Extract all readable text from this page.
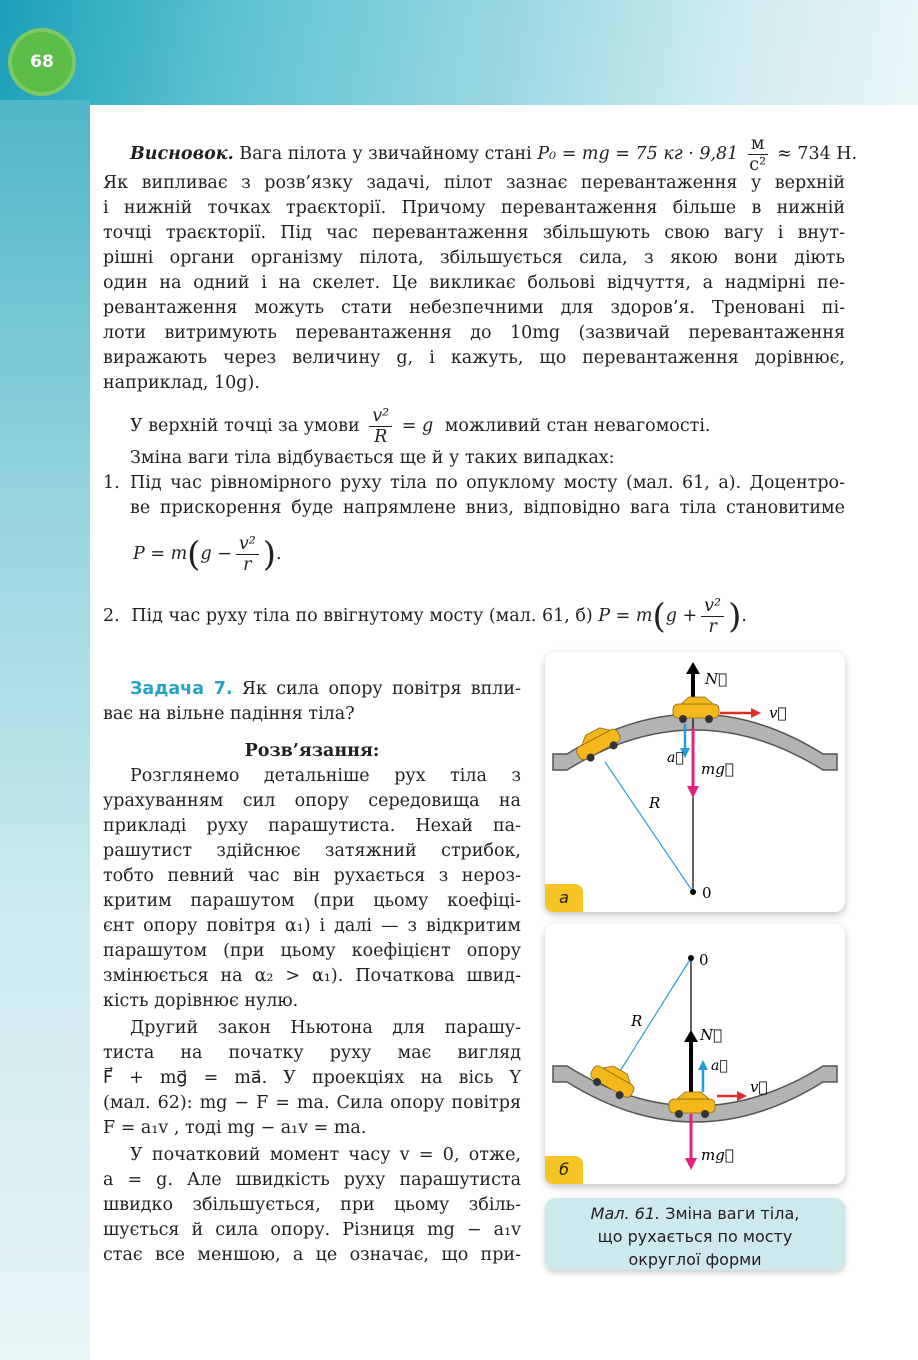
68
Висновок. Вага пілота у звичайному стані P₀ = mg = 75 кг · $9,81 \frac{м}{\text{с²}} \approx 734$ Н.
Як випливає з розв’язку задачі, пілот зазнає перевантаження у верхній
і нижній точках траєкторії. Причому перевантаження більше в нижній
точці траєкторії. Під час перевантаження збільшують свою вагу і внут-
рішні органи організму пілота, збільшується сила, з якою вони діють
один на одний і на скелет. Це викликає больові відчуття, а надмірні пе-
ревантаження можуть стати небезпечними для здоров’я. Треновані пі-
лоти витримують перевантаження до 10mg (зазвичай перевантаження
виражають через величину g, і кажуть, що перевантаження дорівнює,
наприклад, 10g).
У верхній точці за умови $\frac{\text{v²}}{R} = g$ можливий стан невагомості.
Зміна ваги тіла відбувається ще й у таких випадках:
1. Під час рівномірного руху тіла по опуклому мосту (мал. 61, а). Доцентро-
ве прискорення буде напрямлене вниз, відповідно вага тіла становитиме
$P = m(g - \frac{\text{v²}}{r}$ ).
2. Під час руху тіла по ввігнутому мосту (мал. 61, б) $P = m(g + \frac{\text{v²}}{r}$ ).
Задача 7. Як сила опору повітря впли-
ває на вільне падіння тіла?
Розв’язання:
Розглянемо детальніше рух тіла з
урахуванням сил опору середовища на
прикладі руху парашутиста. Нехай па-
рашутист здійснює затяжний стрибок,
тобто певний час він рухається з нероз-
критим парашутом (при цьому коефіці-
єнт опору повітря α₁) і далі — з відкритим
парашутом (при цьому коефіцієнт опору
змінюється на α₂ > α₁). Початкова швид-
кість дорівнює нулю.
Другий закон Ньютона для парашу-
тиста на початку руху має вигляд
F⃗ + mg⃗ = ma⃗. У проекціях на вісь Y
(мал. 62): mg − F = ma. Сила опору повітря
F = a₁v , тоді mg − a₁v = ma.
У початковий момент часу v = 0, отже,
a = g. Але швидкість руху парашутиста
швидко збільшується, при цьому збіль-
шується й сила опору. Різниця mg − a₁v
стає все меншою, а це означає, що при-
N⃗
v⃗
a⃗
mg⃗
R
0
а
0
R
N⃗
a⃗
v⃗
mg⃗
б
Мал. 61. Зміна ваги тіла,
що рухається по мосту
округлої форми
